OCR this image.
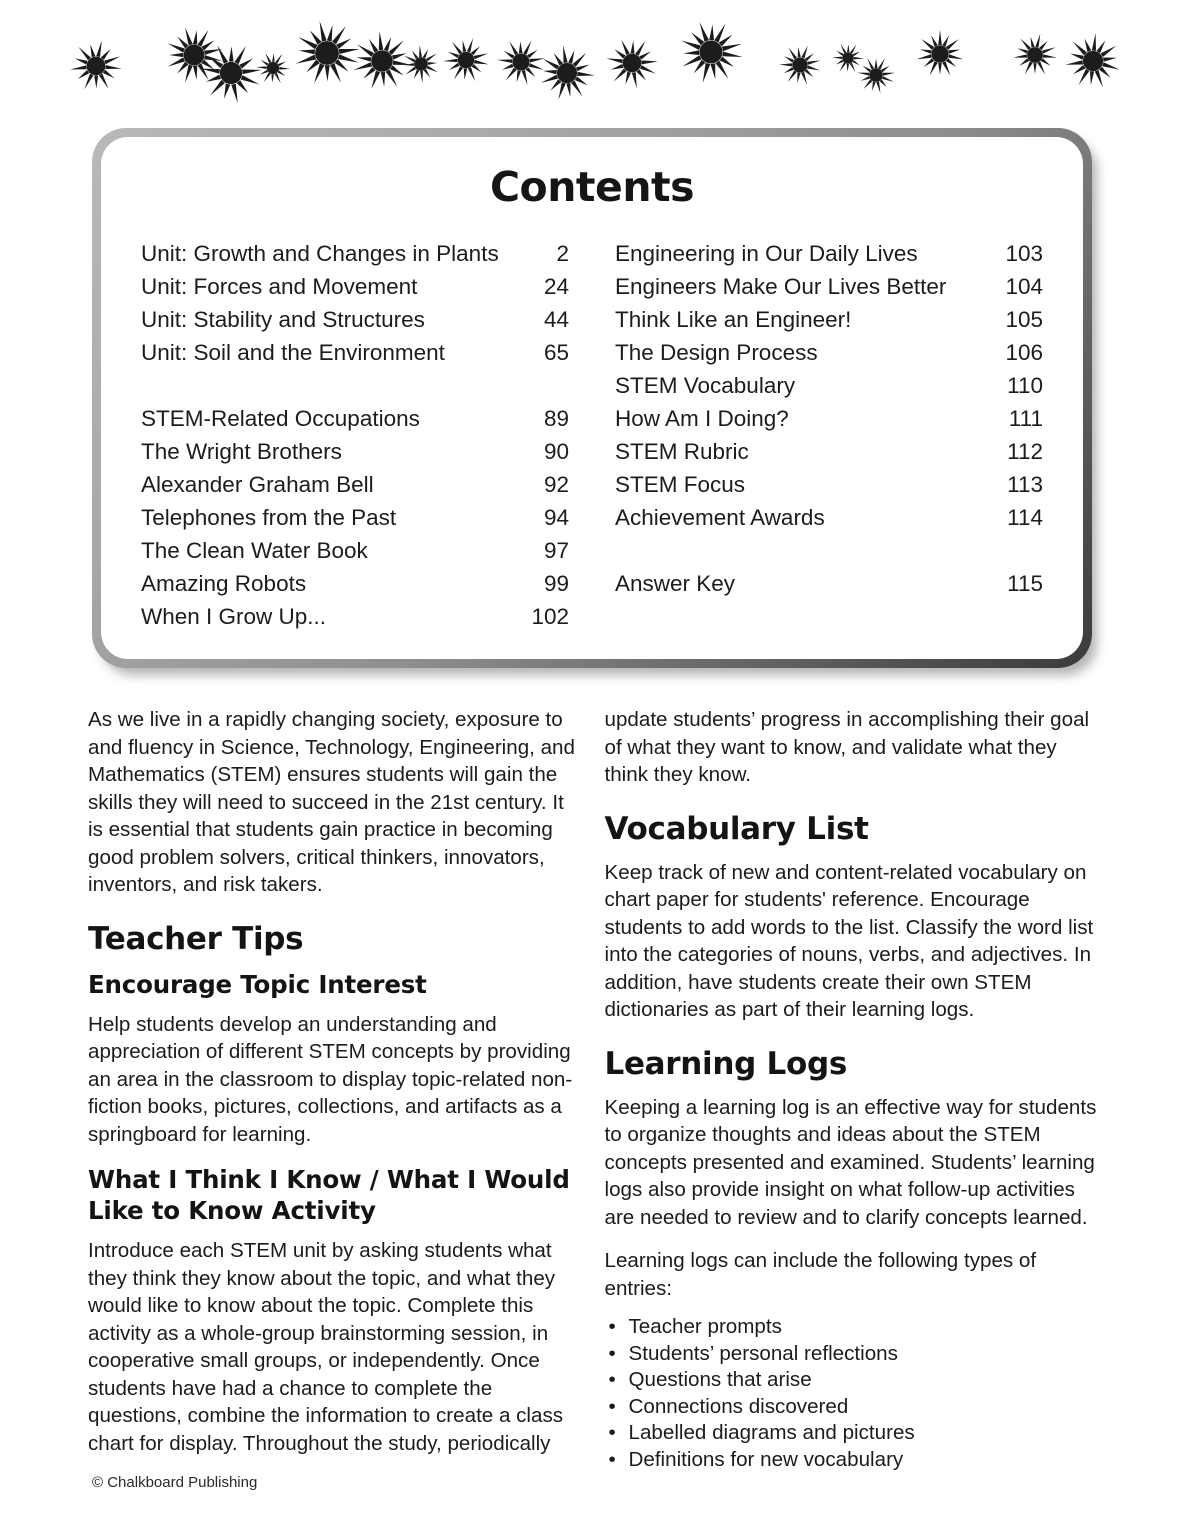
Contents
Unit: Growth and Changes in Plants	2
Unit: Forces and Movement	24
Unit: Stability and Structures	44
Unit: Soil and the Environment	65
STEM-Related Occupations	89
The Wright Brothers	90
Alexander Graham Bell	92
Telephones from the Past	94
The Clean Water Book	97
Amazing Robots	99
When I Grow Up...	102
Engineering in Our Daily Lives	103
Engineers Make Our Lives Better	104
Think Like an Engineer!	105
The Design Process	106
STEM Vocabulary	110
How Am I Doing?	111
STEM Rubric	112
STEM Focus	113
Achievement Awards	114
Answer Key	115

As we live in a rapidly changing society, exposure to and fluency in Science, Technology, Engineering, and Mathematics (STEM) ensures students will gain the skills they will need to succeed in the 21st century. It is essential that students gain practice in becoming good problem solvers, critical thinkers, innovators, inventors, and risk takers.

Teacher Tips
Encourage Topic Interest

Help students develop an understanding and appreciation of different STEM concepts by providing an area in the classroom to display topic-related non-fiction books, pictures, collections, and artifacts as a springboard for learning.

What I Think I Know / What I Would Like to Know Activity

Introduce each STEM unit by asking students what they think they know about the topic, and what they would like to know about the topic. Complete this activity as a whole-group brainstorming session, in cooperative small groups, or independently. Once students have had a chance to complete the questions, combine the information to create a class chart for display. Throughout the study, periodically

update students’ progress in accomplishing their goal of what they want to know, and validate what they think they know.

Vocabulary List

Keep track of new and content-related vocabulary on chart paper for students' reference. Encourage students to add words to the list. Classify the word list into the categories of nouns, verbs, and adjectives. In addition, have students create their own STEM dictionaries as part of their learning logs.

Learning Logs

Keeping a learning log is an effective way for students to organize thoughts and ideas about the STEM concepts presented and examined. Students’ learning logs also provide insight on what follow-up activities are needed to review and to clarify concepts learned.

Learning logs can include the following types of entries:

• Teacher prompts
• Students’ personal reflections
• Questions that arise
• Connections discovered
• Labelled diagrams and pictures
• Definitions for new vocabulary
© Chalkboard Publishing
